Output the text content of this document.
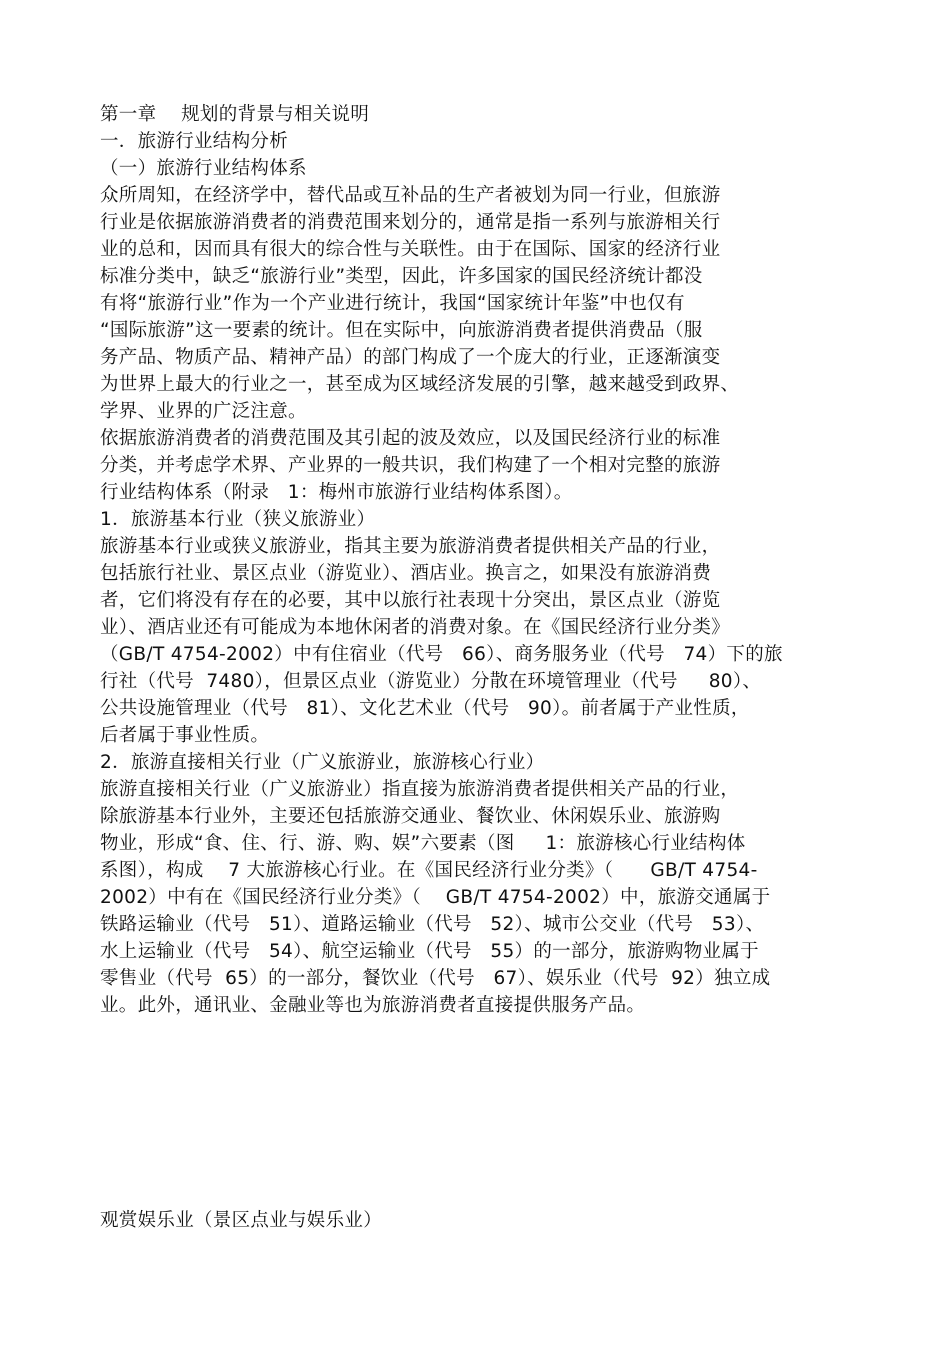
第一章    规划的背景与相关说明
一．旅游行业结构分析
（一）旅游行业结构体系
众所周知，在经济学中，替代品或互补品的生产者被划为同一行业，但旅游
行业是依据旅游消费者的消费范围来划分的，通常是指一系列与旅游相关行
业的总和，因而具有很大的综合性与关联性。由于在国际、国家的经济行业
标准分类中，缺乏“旅游行业”类型，因此，许多国家的国民经济统计都没
有将“旅游行业”作为一个产业进行统计，我国“国家统计年鉴”中也仅有
“国际旅游”这一要素的统计。但在实际中，向旅游消费者提供消费品（服
务产品、物质产品、精神产品）的部门构成了一个庞大的行业，正逐渐演变
为世界上最大的行业之一，甚至成为区域经济发展的引擎，越来越受到政界、
学界、业界的广泛注意。
依据旅游消费者的消费范围及其引起的波及效应，以及国民经济行业的标准
分类，并考虑学术界、产业界的一般共识，我们构建了一个相对完整的旅游
行业结构体系（附录   1：梅州市旅游行业结构体系图）。
1．旅游基本行业（狭义旅游业）
旅游基本行业或狭义旅游业，指其主要为旅游消费者提供相关产品的行业，
包括旅行社业、景区点业（游览业）、酒店业。换言之，如果没有旅游消费
者，它们将没有存在的必要，其中以旅行社表现十分突出，景区点业（游览
业）、酒店业还有可能成为本地休闲者的消费对象。在《国民经济行业分类》
（GB/T 4754-2002）中有住宿业（代号   66）、商务服务业（代号   74）下的旅
行社（代号  7480），但景区点业（游览业）分散在环境管理业（代号     80）、
公共设施管理业（代号   81）、文化艺术业（代号   90）。前者属于产业性质，
后者属于事业性质。
2．旅游直接相关行业（广义旅游业，旅游核心行业）
旅游直接相关行业（广义旅游业）指直接为旅游消费者提供相关产品的行业，
除旅游基本行业外，主要还包括旅游交通业、餐饮业、休闲娱乐业、旅游购
物业，形成“食、住、行、游、购、娱”六要素（图     1：旅游核心行业结构体
系图），构成    7 大旅游核心行业。在《国民经济行业分类》（      GB/T 4754-
2002）中有在《国民经济行业分类》（    GB/T 4754-2002）中，旅游交通属于
铁路运输业（代号   51）、道路运输业（代号   52）、城市公交业（代号   53）、
水上运输业（代号   54）、航空运输业（代号   55）的一部分，旅游购物业属于
零售业（代号  65）的一部分，餐饮业（代号   67）、娱乐业（代号  92）独立成
业。此外，通讯业、金融业等也为旅游消费者直接提供服务产品。
观赏娱乐业（景区点业与娱乐业）
